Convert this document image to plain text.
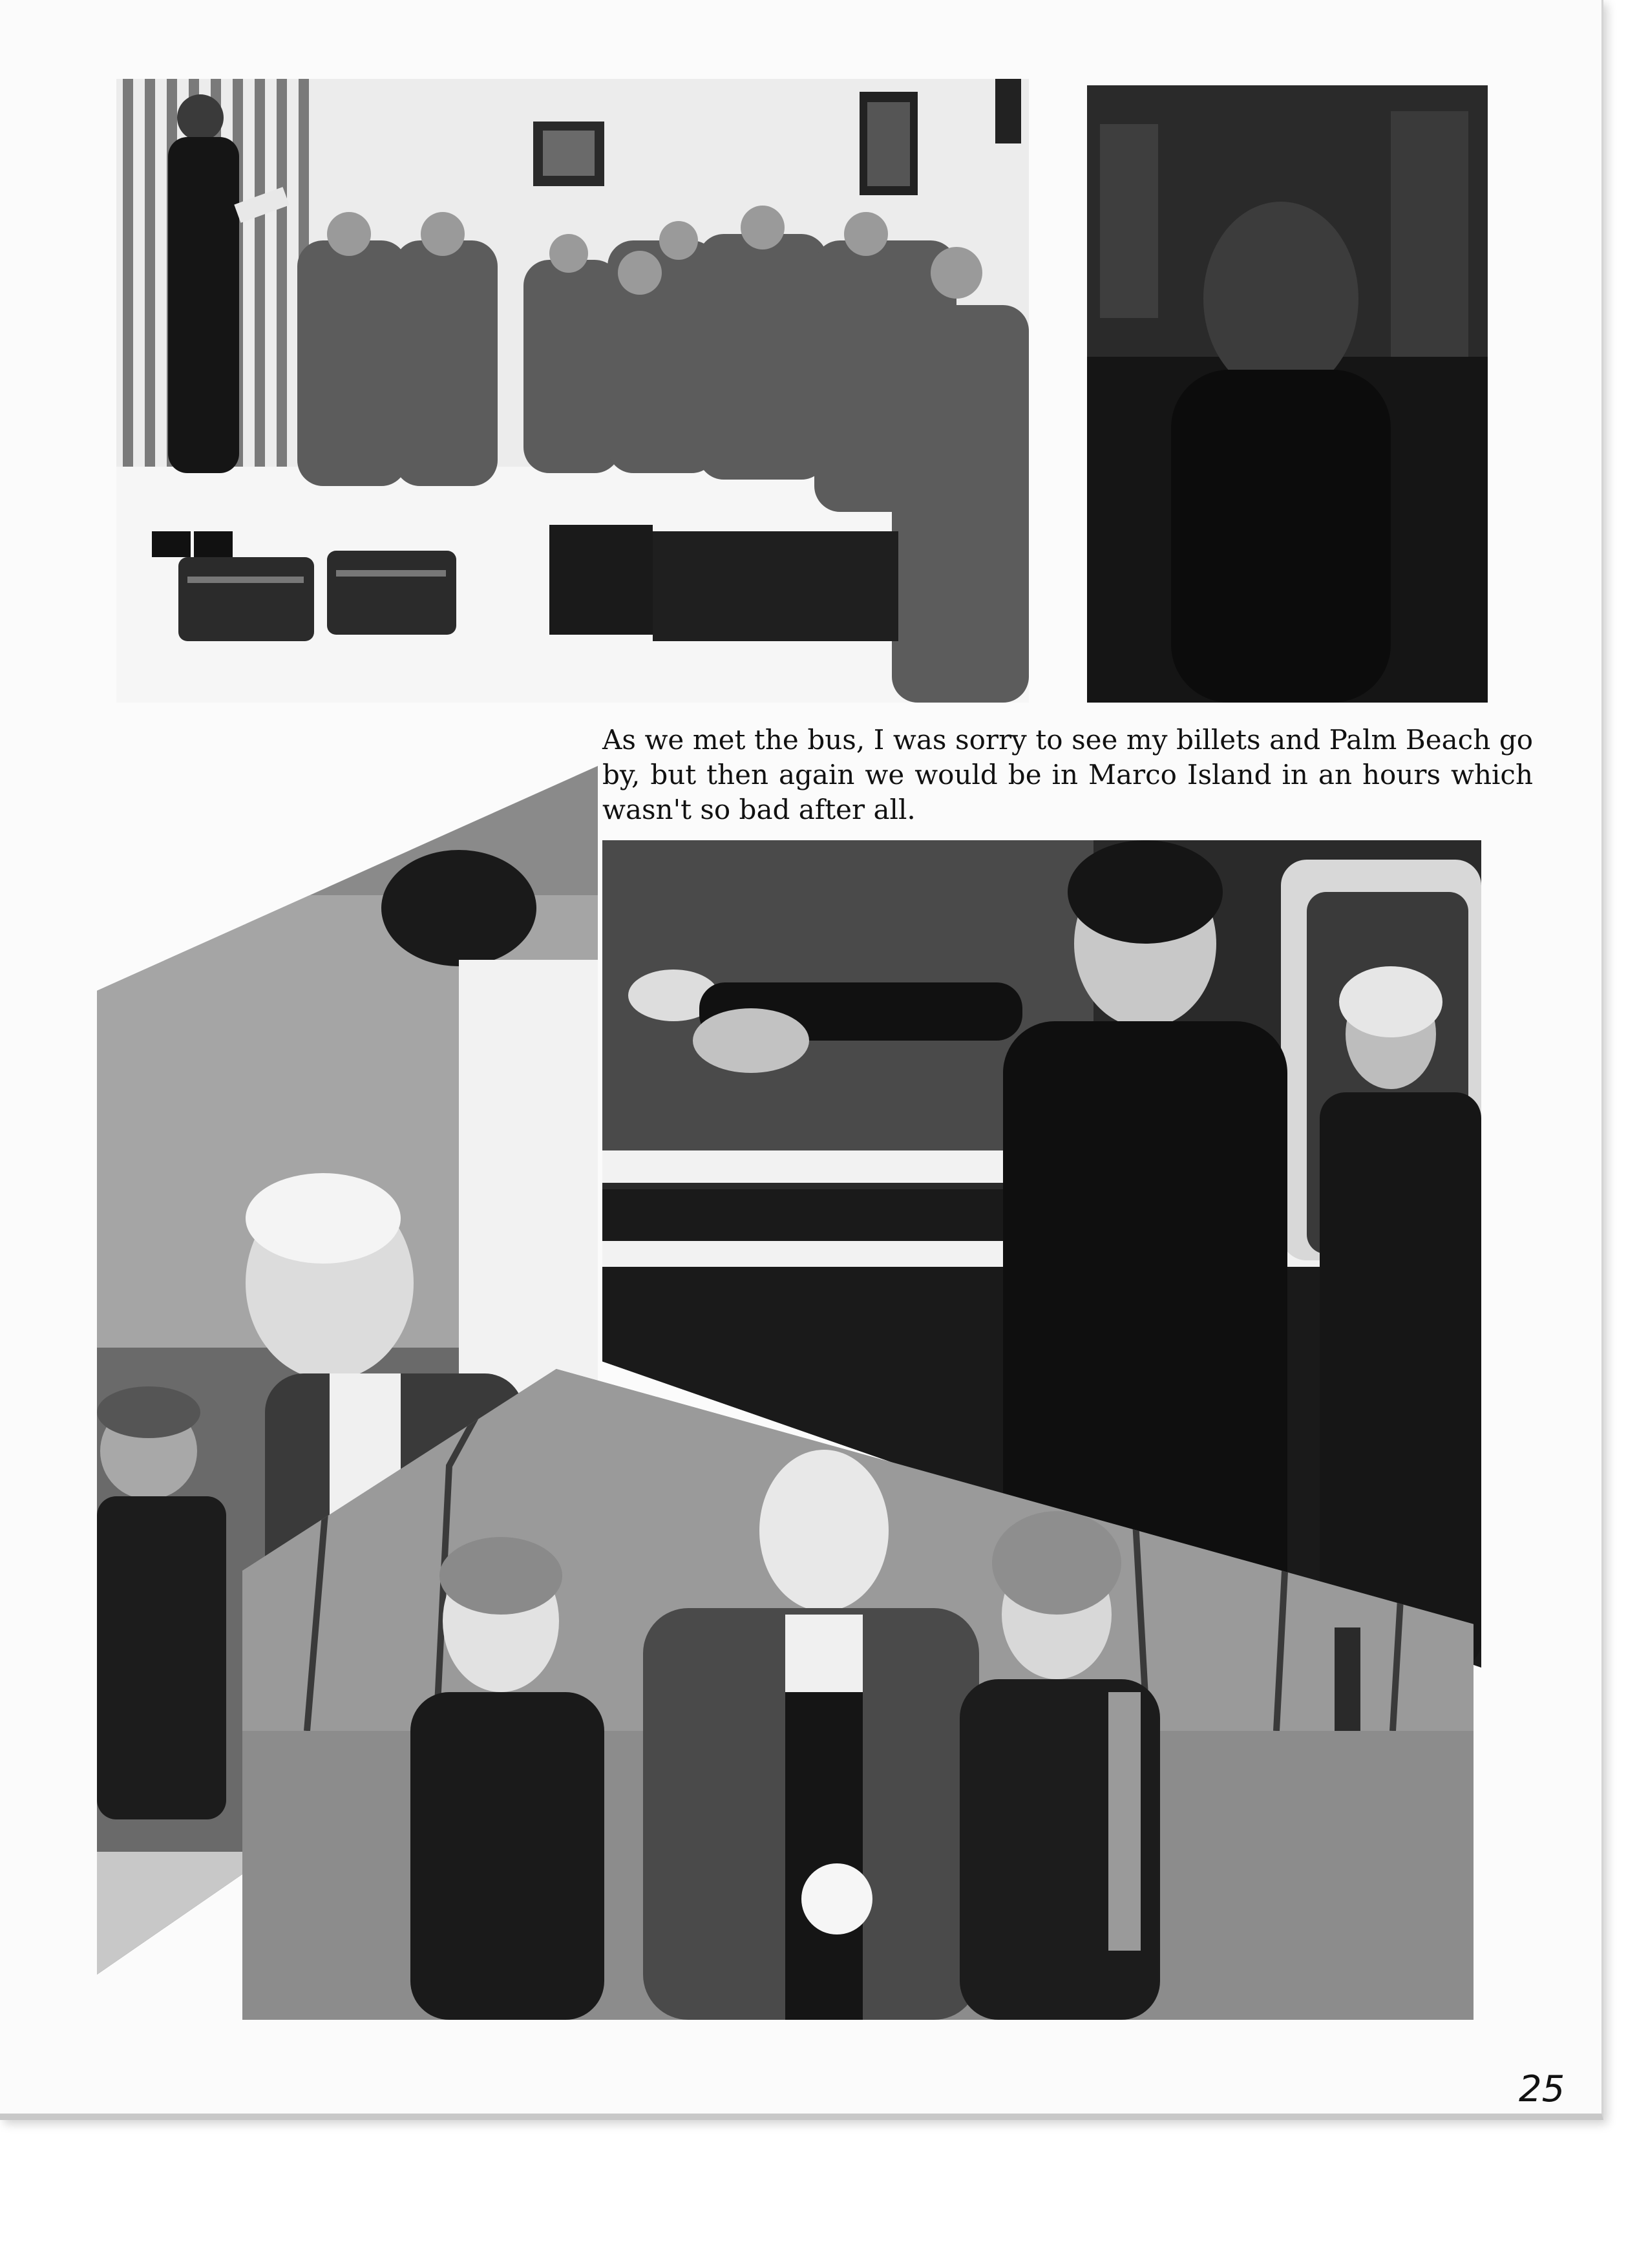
As we met the bus, I was sorry to see my billets and Palm Beach go by, but then again we would be in Marco Island in an hours which wasn't so bad after all.
25
